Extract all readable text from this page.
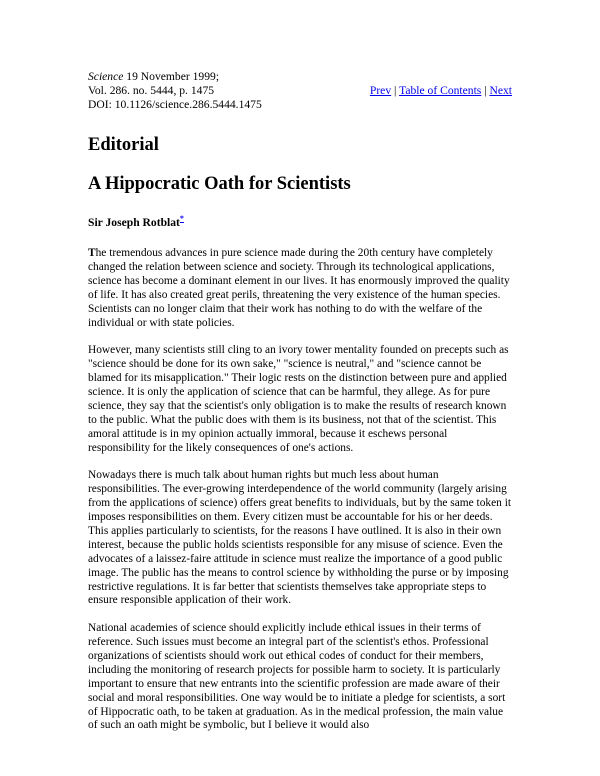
Science 19 November 1999;
Vol. 286. no. 5444, p. 1475
DOI: 10.1126/science.286.5444.1475
Prev | Table of Contents | Next
Editorial
A Hippocratic Oath for Scientists
Sir Joseph Rotblat*

The tremendous advances in pure science made during the 20th century have completely changed the relation between science and society. Through its technological applications, science has become a dominant element in our lives. It has enormously improved the quality of life. It has also created great perils, threatening the very existence of the human species. Scientists can no longer claim that their work has nothing to do with the welfare of the individual or with state policies.

However, many scientists still cling to an ivory tower mentality founded on precepts such as "science should be done for its own sake," "science is neutral," and "science cannot be blamed for its misapplication." Their logic rests on the distinction between pure and applied science. It is only the application of science that can be harmful, they allege. As for pure science, they say that the scientist's only obligation is to make the results of research known to the public. What the public does with them is its business, not that of the scientist. This amoral attitude is in my opinion actually immoral, because it eschews personal responsibility for the likely consequences of one's actions.

Nowadays there is much talk about human rights but much less about human responsibilities. The ever-growing interdependence of the world community (largely arising from the applications of science) offers great benefits to individuals, but by the same token it imposes responsibilities on them. Every citizen must be accountable for his or her deeds. This applies particularly to scientists, for the reasons I have outlined. It is also in their own interest, because the public holds scientists responsible for any misuse of science. Even the advocates of a laissez-faire attitude in science must realize the importance of a good public image. The public has the means to control science by withholding the purse or by imposing restrictive regulations. It is far better that scientists themselves take appropriate steps to ensure responsible application of their work.

National academies of science should explicitly include ethical issues in their terms of reference. Such issues must become an integral part of the scientist's ethos. Professional organizations of scientists should work out ethical codes of conduct for their members, including the monitoring of research projects for possible harm to society. It is particularly important to ensure that new entrants into the scientific profession are made aware of their social and moral responsibilities. One way would be to initiate a pledge for scientists, a sort of Hippocratic oath, to be taken at graduation. As in the medical profession, the main value of such an oath might be symbolic, but I believe it would also
